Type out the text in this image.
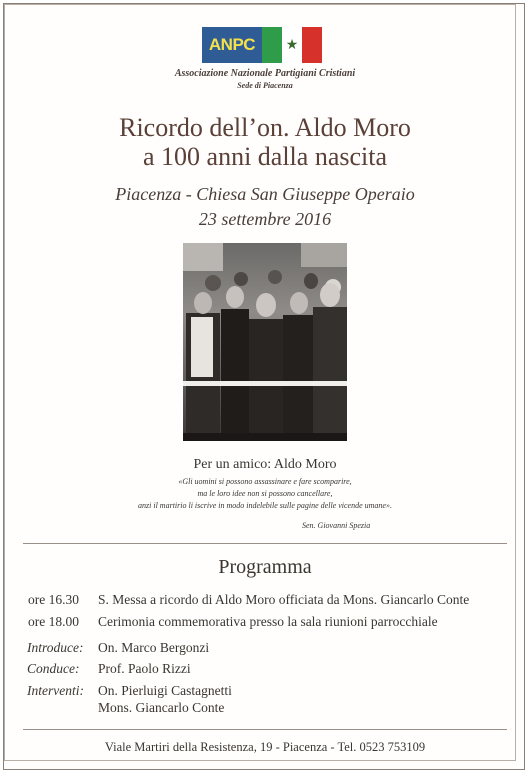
ANPC ★
Associazione Nazionale Partigiani Cristiani
Sede di Piacenza
Ricordo dell’on. Aldo Moro
a 100 anni dalla nascita
Piacenza - Chiesa San Giuseppe Operaio
23 settembre 2016
Per un amico: Aldo Moro
«Gli uomini si possono assassinare e fare scomparire,
ma le loro idee non si possono cancellare,
anzi il martirio li iscrive in modo indelebile sulle pagine delle vicende umane».
Sen. Giovanni Spezia
Programma
ore 16.30 S. Messa a ricordo di Aldo Moro officiata da Mons. Giancarlo Conte
ore 18.00 Cerimonia commemorativa presso la sala riunioni parrocchiale
Introduce: On. Marco Bergonzi
Conduce: Prof. Paolo Rizzi
Interventi: On. Pierluigi Castagnetti
Mons. Giancarlo Conte
Viale Martiri della Resistenza, 19 - Piacenza - Tel. 0523 753109
